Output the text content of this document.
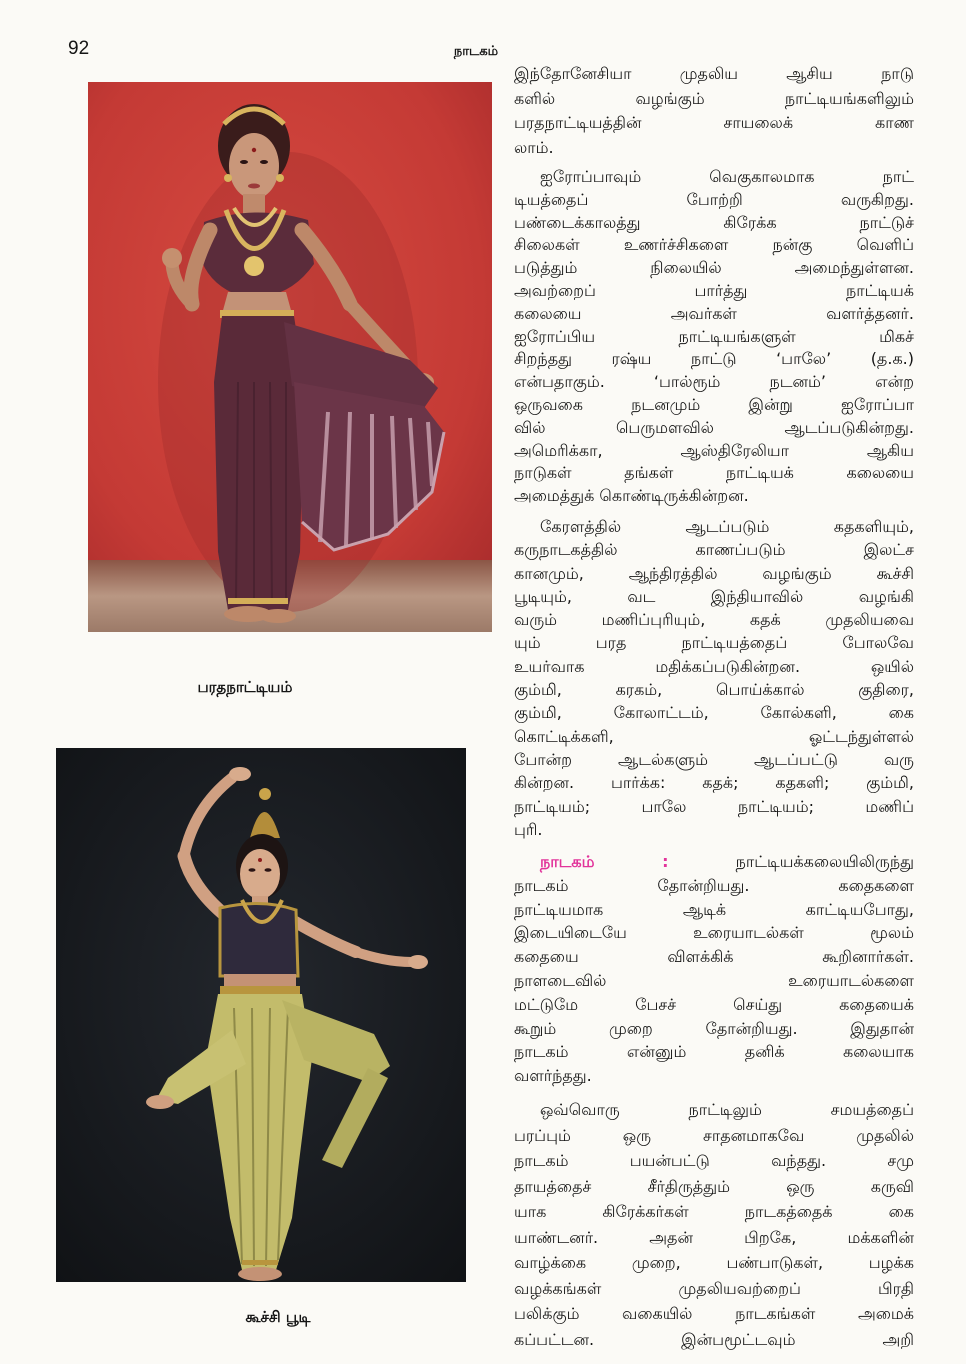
92	நாடகம்
பரதநாட்டியம்
கூச்சி பூடி
இந்தோனேசியா முதலிய ஆசிய நாடு
களில் வழங்கும் நாட்டியங்களிலும்
பரதநாட்டியத்தின் சாயலைக் காண
லாம்.
ஐரோப்பாவும் வெகுகாலமாக நாட்
டியத்தைப் போற்றி வருகிறது.
பண்டைக்காலத்து கிரேக்க நாட்டுச்
சிலைகள் உணர்ச்சிகளை நன்கு வெளிப்
படுத்தும் நிலையில் அமைந்துள்ளன.
அவற்றைப் பார்த்து நாட்டியக்
கலையை அவர்கள் வளர்த்தனர்.
ஐரோப்பிய நாட்டியங்களுள் மிகச்
சிறந்தது ரஷ்ய நாட்டு ‘பாலே’ (த.க.)
என்பதாகும். ‘பால்ரூம் நடனம்’ என்ற
ஒருவகை நடனமும் இன்று ஐரோப்பா
வில் பெருமளவில் ஆடப்படுகின்றது.
அமெரிக்கா, ஆஸ்திரேலியா ஆகிய
நாடுகள் தங்கள் நாட்டியக் கலையை
அமைத்துக் கொண்டிருக்கின்றன.
கேரளத்தில் ஆடப்படும் கதகளியும்,
கருநாடகத்தில் காணப்படும் இலட்ச
கானமும், ஆந்திரத்தில் வழங்கும் கூச்சி
பூடியும், வட இந்தியாவில் வழங்கி
வரும் மணிப்புரியும், கதக் முதலியவை
யும் பரத நாட்டியத்தைப் போலவே
உயர்வாக மதிக்கப்படுகின்றன. ஒயில்
கும்மி, கரகம், பொய்க்கால் குதிரை,
கும்மி, கோலாட்டம், கோல்களி, கை
கொட்டிக்களி, ஓட்டந்துள்ளல்
போன்ற ஆடல்களும் ஆடப்பட்டு வரு
கின்றன. பார்க்க: கதக்; கதகளி; கும்மி,
நாட்டியம்; பாலே நாட்டியம்; மணிப்
புரி.
நாடகம் :	நாட்டியக்கலையிலிருந்து
நாடகம் தோன்றியது. கதைகளை
நாட்டியமாக ஆடிக் காட்டியபோது,
இடையிடையே உரையாடல்கள் மூலம்
கதையை விளக்கிக் கூறினார்கள்.
நாளடைவில் உரையாடல்களை
மட்டுமே பேசச் செய்து கதையைக்
கூறும் முறை தோன்றியது. இதுதான்
நாடகம் என்னும் தனிக் கலையாக
வளர்ந்தது.
ஒவ்வொரு நாட்டிலும் சமயத்தைப்
பரப்பும் ஒரு சாதனமாகவே முதலில்
நாடகம் பயன்பட்டு வந்தது. சமு
தாயத்தைச் சீர்திருத்தும் ஒரு கருவி
யாக கிரேக்கர்கள் நாடகத்தைக் கை
யாண்டனர். அதன் பிறகே, மக்களின்
வாழ்க்கை முறை, பண்பாடுகள், பழக்க
வழக்கங்கள் முதலியவற்றைப் பிரதி
பலிக்கும் வகையில் நாடகங்கள் அமைக்
கப்பட்டன. இன்பமூட்டவும் அறி
